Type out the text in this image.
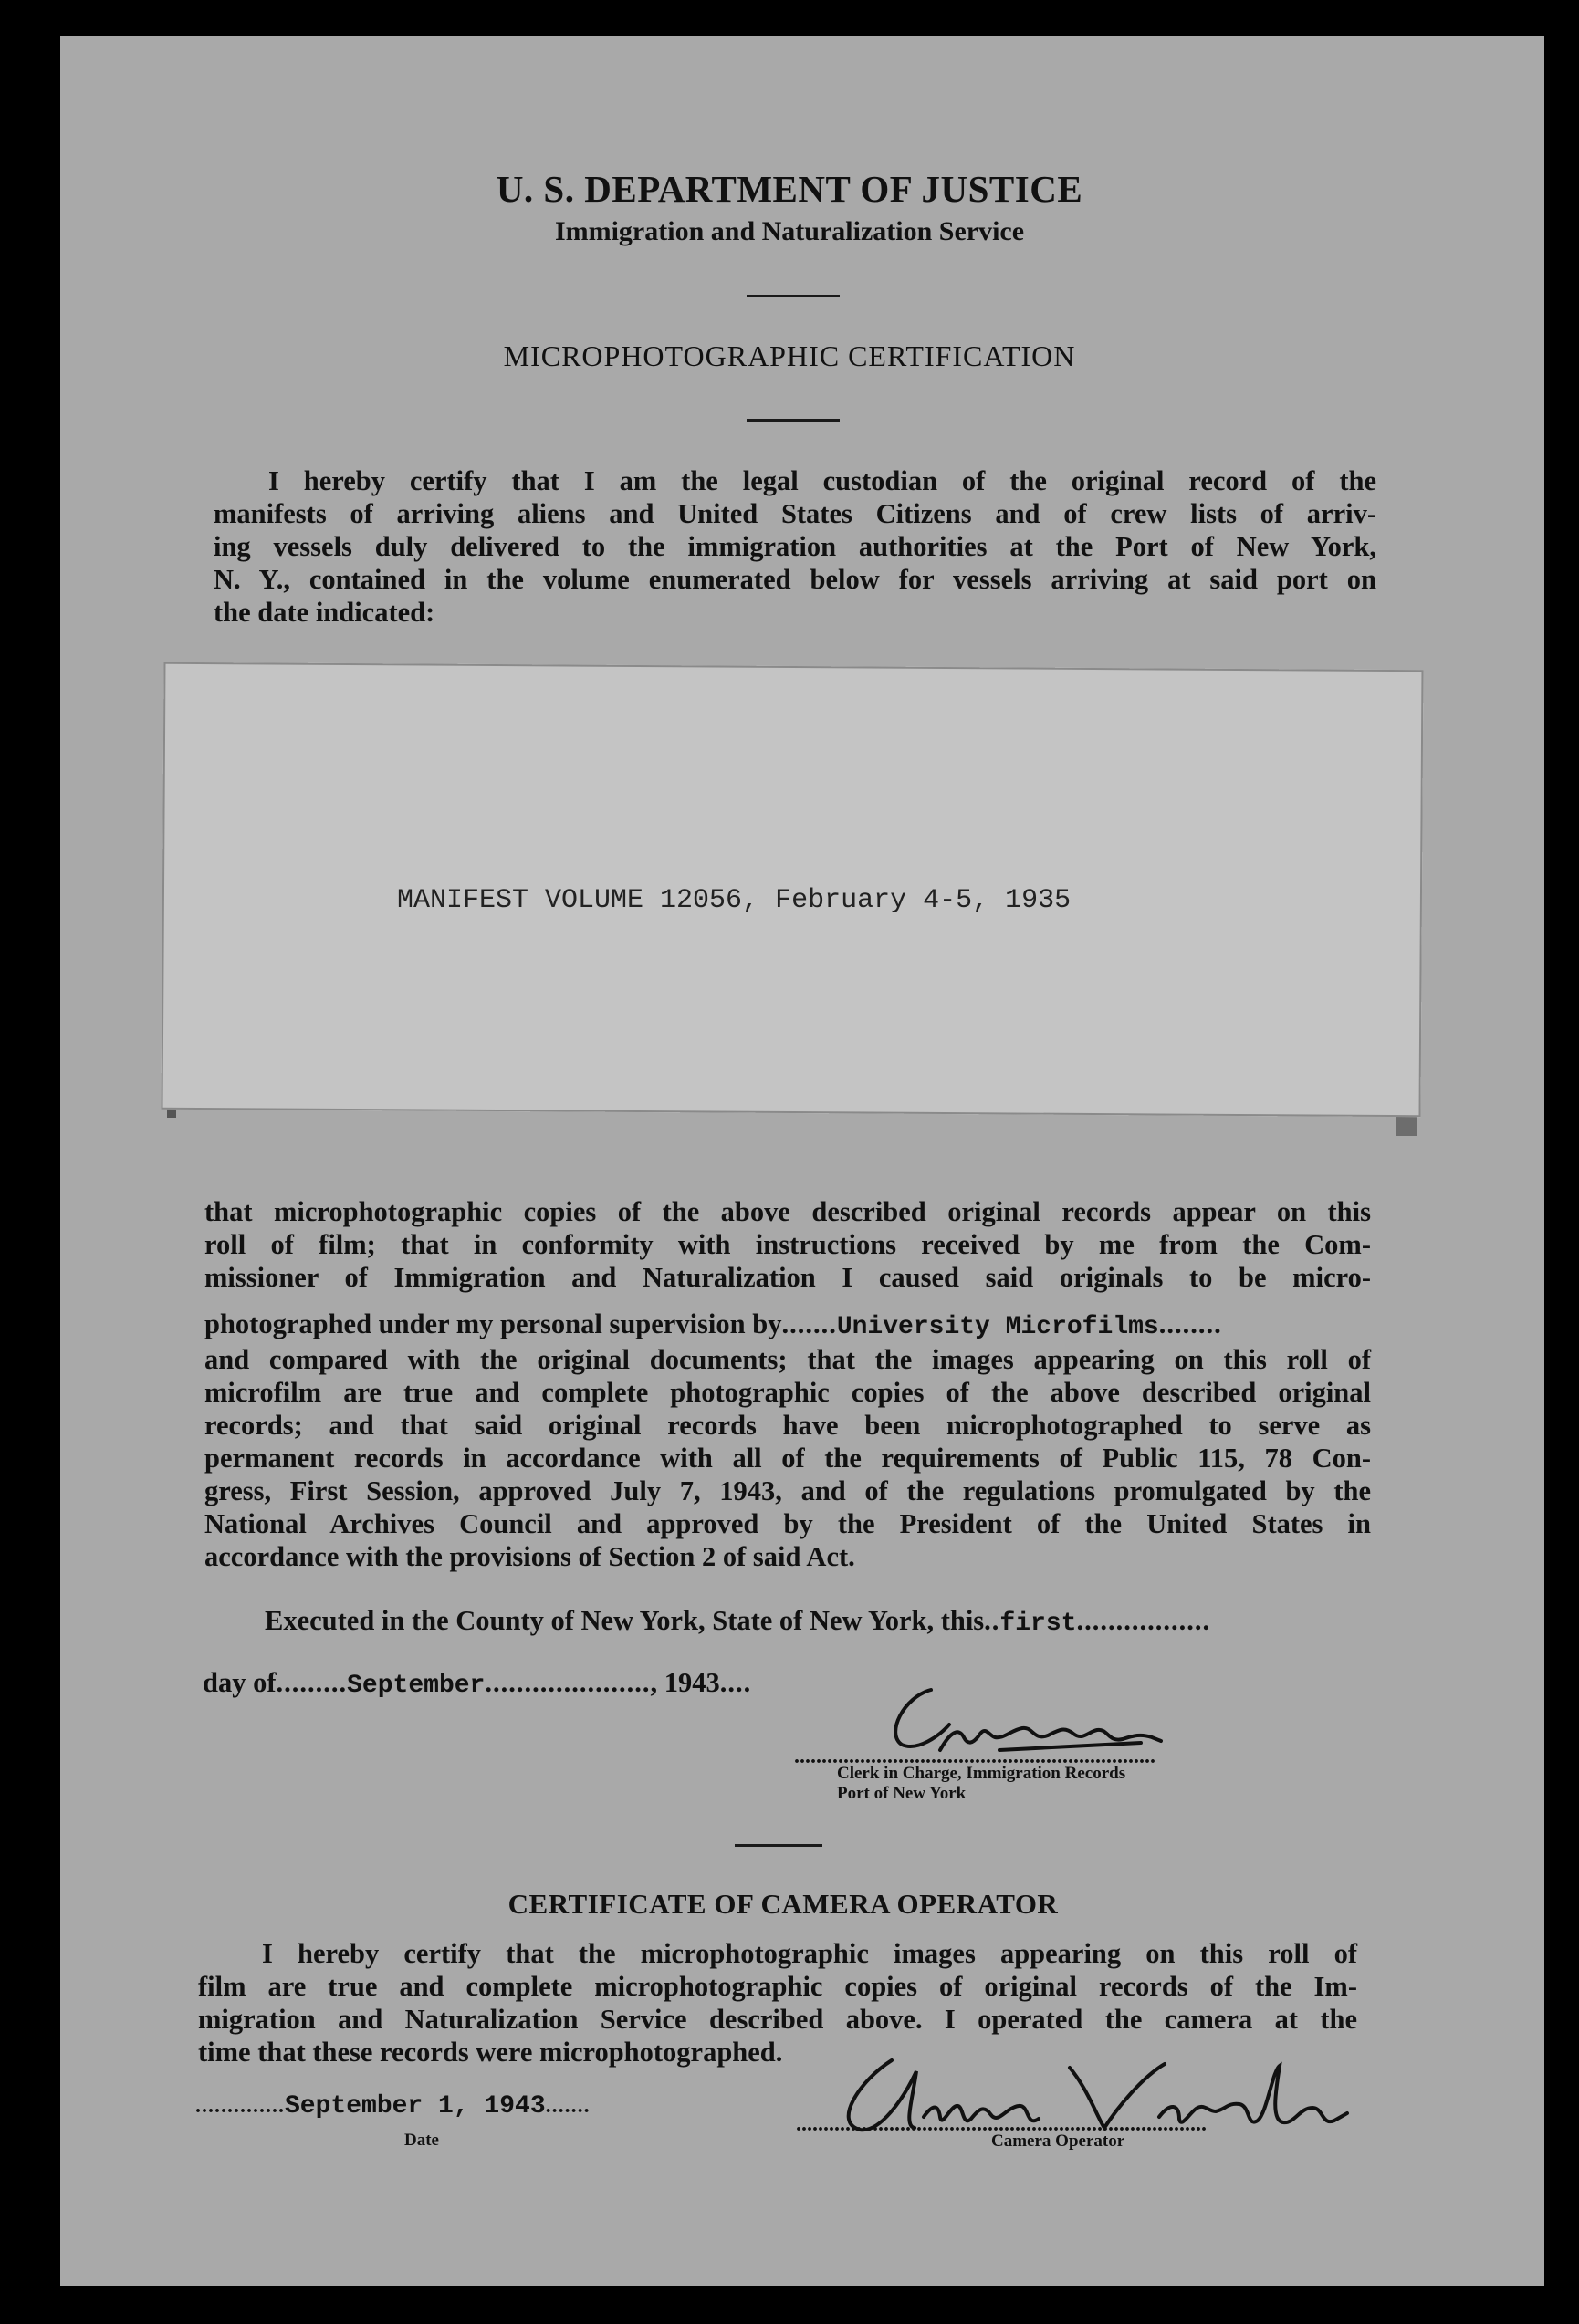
U. S. DEPARTMENT OF JUSTICE
Immigration and Naturalization Service
MICROPHOTOGRAPHIC CERTIFICATION
I hereby certify that I am the legal custodian of the original record of the
manifests of arriving aliens and United States Citizens and of crew lists of arriv-
ing vessels duly delivered to the immigration authorities at the Port of New York,
N. Y., contained in the volume enumerated below for vessels arriving at said port on
the date indicated:
MANIFEST VOLUME 12056, February 4-5, 1935
that microphotographic copies of the above described original records appear on this
roll of film; that in conformity with instructions received by me from the Com-
missioner of Immigration and Naturalization I caused said originals to be micro-
photographed under my personal supervision by.......University Microfilms........
and compared with the original documents; that the images appearing on this roll of
microfilm are true and complete photographic copies of the above described original
records; and that said original records have been microphotographed to serve as
permanent records in accordance with all of the requirements of Public 115, 78 Con-
gress, First Session, approved July 7, 1943, and of the regulations promulgated by the
National Archives Council and approved by the President of the United States in
accordance with the provisions of Section 2 of said Act.
Executed in the County of New York, State of New York, this..first.................
day of.........September....................., 1943....
..................................................................
Clerk in Charge, Immigration Records
Port of New York
CERTIFICATE OF CAMERA OPERATOR
I hereby certify that the microphotographic images appearing on this roll of
film are true and complete microphotographic copies of original records of the Im-
migration and Naturalization Service described above. I operated the camera at the
time that these records were microphotographed.
..............September 1, 1943.......
Date
...........................................................................
Camera Operator
